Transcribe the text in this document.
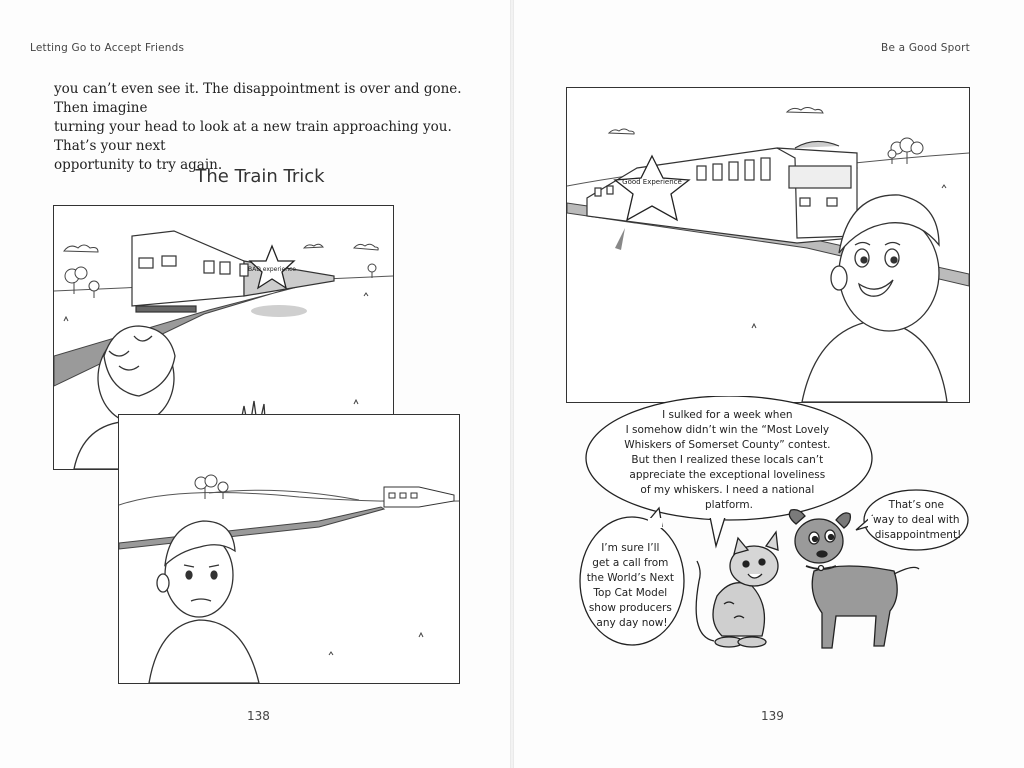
Letting Go to Accept Friends

you can’t even see it. The disappointment is over and gone. Then imagine

turning your head to look at a new train approaching you. That’s your next

opportunity to try again.

The Train Trick
BAD experience
138
Be a Good Sport
Good Experience
I sulked for a week when I somehow didn’t win the “Most Lovely Whiskers of Somerset County” contest. But then I realized these locals can’t appreciate the exceptional loveliness of my whiskers. I need a national platform.
I’m sure I’ll get a call from the World’s Next Top Cat Model show producers any day now!
That’s one way to deal with disappointment!
139
